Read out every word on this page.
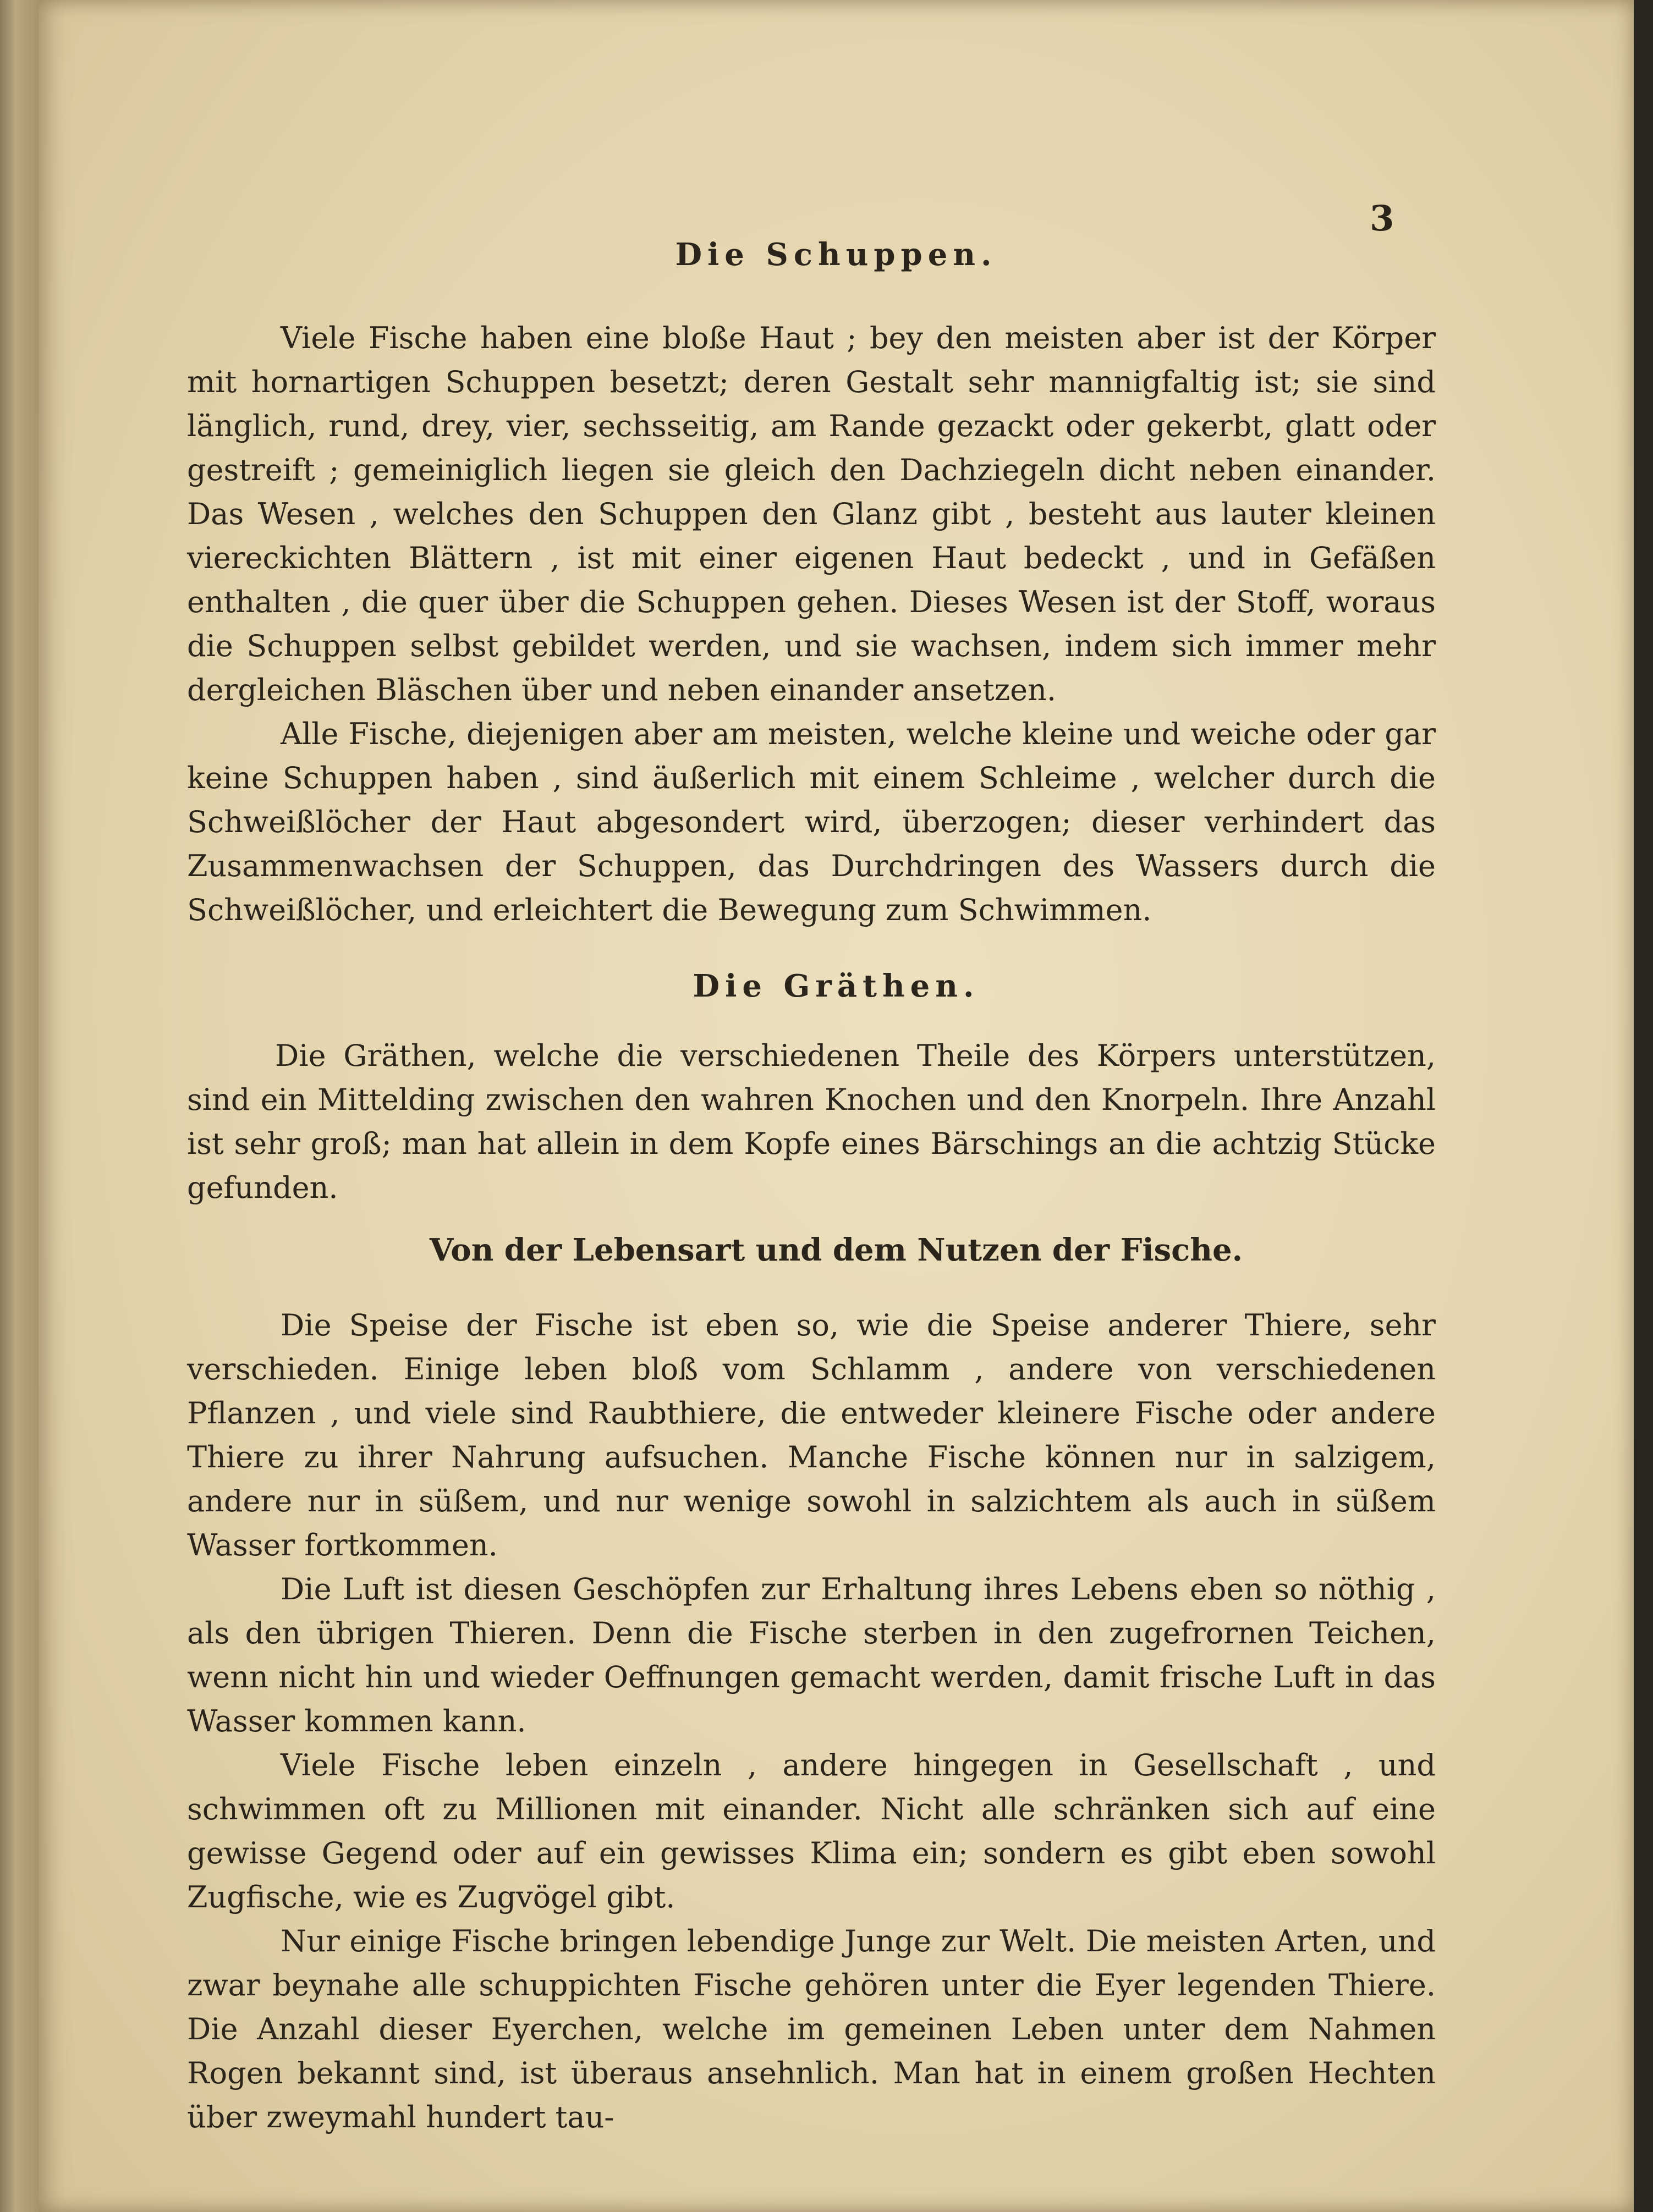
3
Die Schuppen.

Viele Fische haben eine bloße Haut ; bey den meisten aber ist der Körper mit hornartigen Schuppen besetzt; deren Gestalt sehr mannigfaltig ist; sie sind länglich, rund, drey, vier, sechsseitig, am Rande gezackt oder gekerbt, glatt oder gestreift ; gemeiniglich liegen sie gleich den Dachziegeln dicht neben einander. Das Wesen , welches den Schuppen den Glanz gibt , besteht aus lauter kleinen viereckichten Blättern , ist mit einer eigenen Haut bedeckt , und in Gefäßen enthalten , die quer über die Schuppen gehen. Dieses Wesen ist der Stoff, woraus die Schuppen selbst gebildet werden, und sie wachsen, indem sich immer mehr dergleichen Bläschen über und neben einander ansetzen.

Alle Fische, diejenigen aber am meisten, welche kleine und weiche oder gar keine Schuppen haben , sind äußerlich mit einem Schleime , welcher durch die Schweißlöcher der Haut abgesondert wird, überzogen; dieser verhindert das Zusammenwachsen der Schuppen, das Durchdringen des Wassers durch die Schweißlöcher, und erleichtert die Bewegung zum Schwimmen.

Die Gräthen.

Die Gräthen, welche die verschiedenen Theile des Körpers unterstützen, sind ein Mittelding zwischen den wahren Knochen und den Knorpeln. Ihre Anzahl ist sehr groß; man hat allein in dem Kopfe eines Bärschings an die achtzig Stücke gefunden.

Von der Lebensart und dem Nutzen der Fische.

Die Speise der Fische ist eben so, wie die Speise anderer Thiere, sehr verschieden. Einige leben bloß vom Schlamm , andere von verschiedenen Pflanzen , und viele sind Raubthiere, die entweder kleinere Fische oder andere Thiere zu ihrer Nahrung aufsuchen. Manche Fische können nur in salzigem, andere nur in süßem, und nur wenige sowohl in salzichtem als auch in süßem Wasser fortkommen.

Die Luft ist diesen Geschöpfen zur Erhaltung ihres Lebens eben so nöthig , als den übrigen Thieren. Denn die Fische sterben in den zugefrornen Teichen, wenn nicht hin und wieder Oeffnungen gemacht werden, damit frische Luft in das Wasser kommen kann.

Viele Fische leben einzeln , andere hingegen in Gesellschaft , und schwimmen oft zu Millionen mit einander. Nicht alle schränken sich auf eine gewisse Gegend oder auf ein gewisses Klima ein; sondern es gibt eben sowohl Zugfische, wie es Zugvögel gibt.

Nur einige Fische bringen lebendige Junge zur Welt. Die meisten Arten, und zwar beynahe alle schuppichten Fische gehören unter die Eyer legenden Thiere. Die Anzahl dieser Eyerchen, welche im gemeinen Leben unter dem Nahmen Rogen bekannt sind, ist überaus ansehnlich. Man hat in einem großen Hechten über zweymahl hundert tau-
